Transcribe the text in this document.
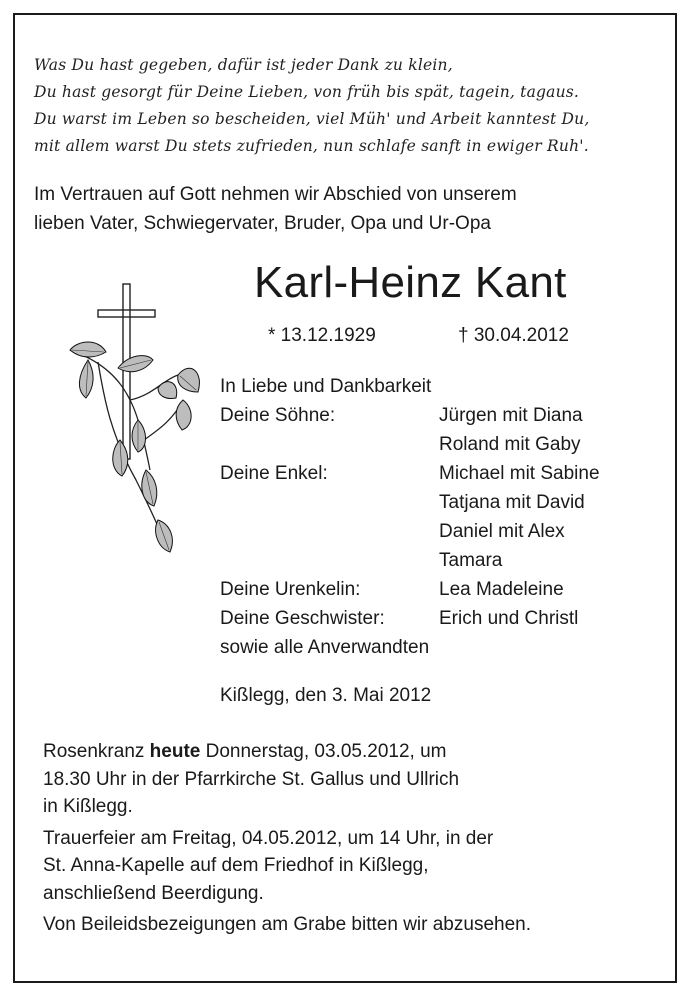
Was Du hast gegeben, dafür ist jeder Dank zu klein,
Du hast gesorgt für Deine Lieben, von früh bis spät, tagein, tagaus.
Du warst im Leben so bescheiden, viel Müh' und Arbeit kanntest Du,
mit allem warst Du stets zufrieden, nun schlafe sanft in ewiger Ruh'.
Im Vertrauen auf Gott nehmen wir Abschied von unserem
lieben Vater, Schwiegervater, Bruder, Opa und Ur-Opa
Karl-Heinz Kant
* 13.12.1929	† 30.04.2012
In Liebe und Dankbarkeit
Deine Söhne:	Jürgen mit Diana
Roland mit Gaby
Deine Enkel:	Michael mit Sabine
Tatjana mit David
Daniel mit Alex
Tamara
Deine Urenkelin:	Lea Madeleine
Deine Geschwister:	Erich und Christl
sowie alle Anverwandten
Kißlegg, den 3. Mai 2012
Rosenkranz heute Donnerstag, 03.05.2012, um
18.30 Uhr in der Pfarrkirche St. Gallus und Ullrich
in Kißlegg.
Trauerfeier am Freitag, 04.05.2012, um 14 Uhr, in der
St. Anna-Kapelle auf dem Friedhof in Kißlegg,
anschließend Beerdigung.
Von Beileidsbezeigungen am Grabe bitten wir abzusehen.
